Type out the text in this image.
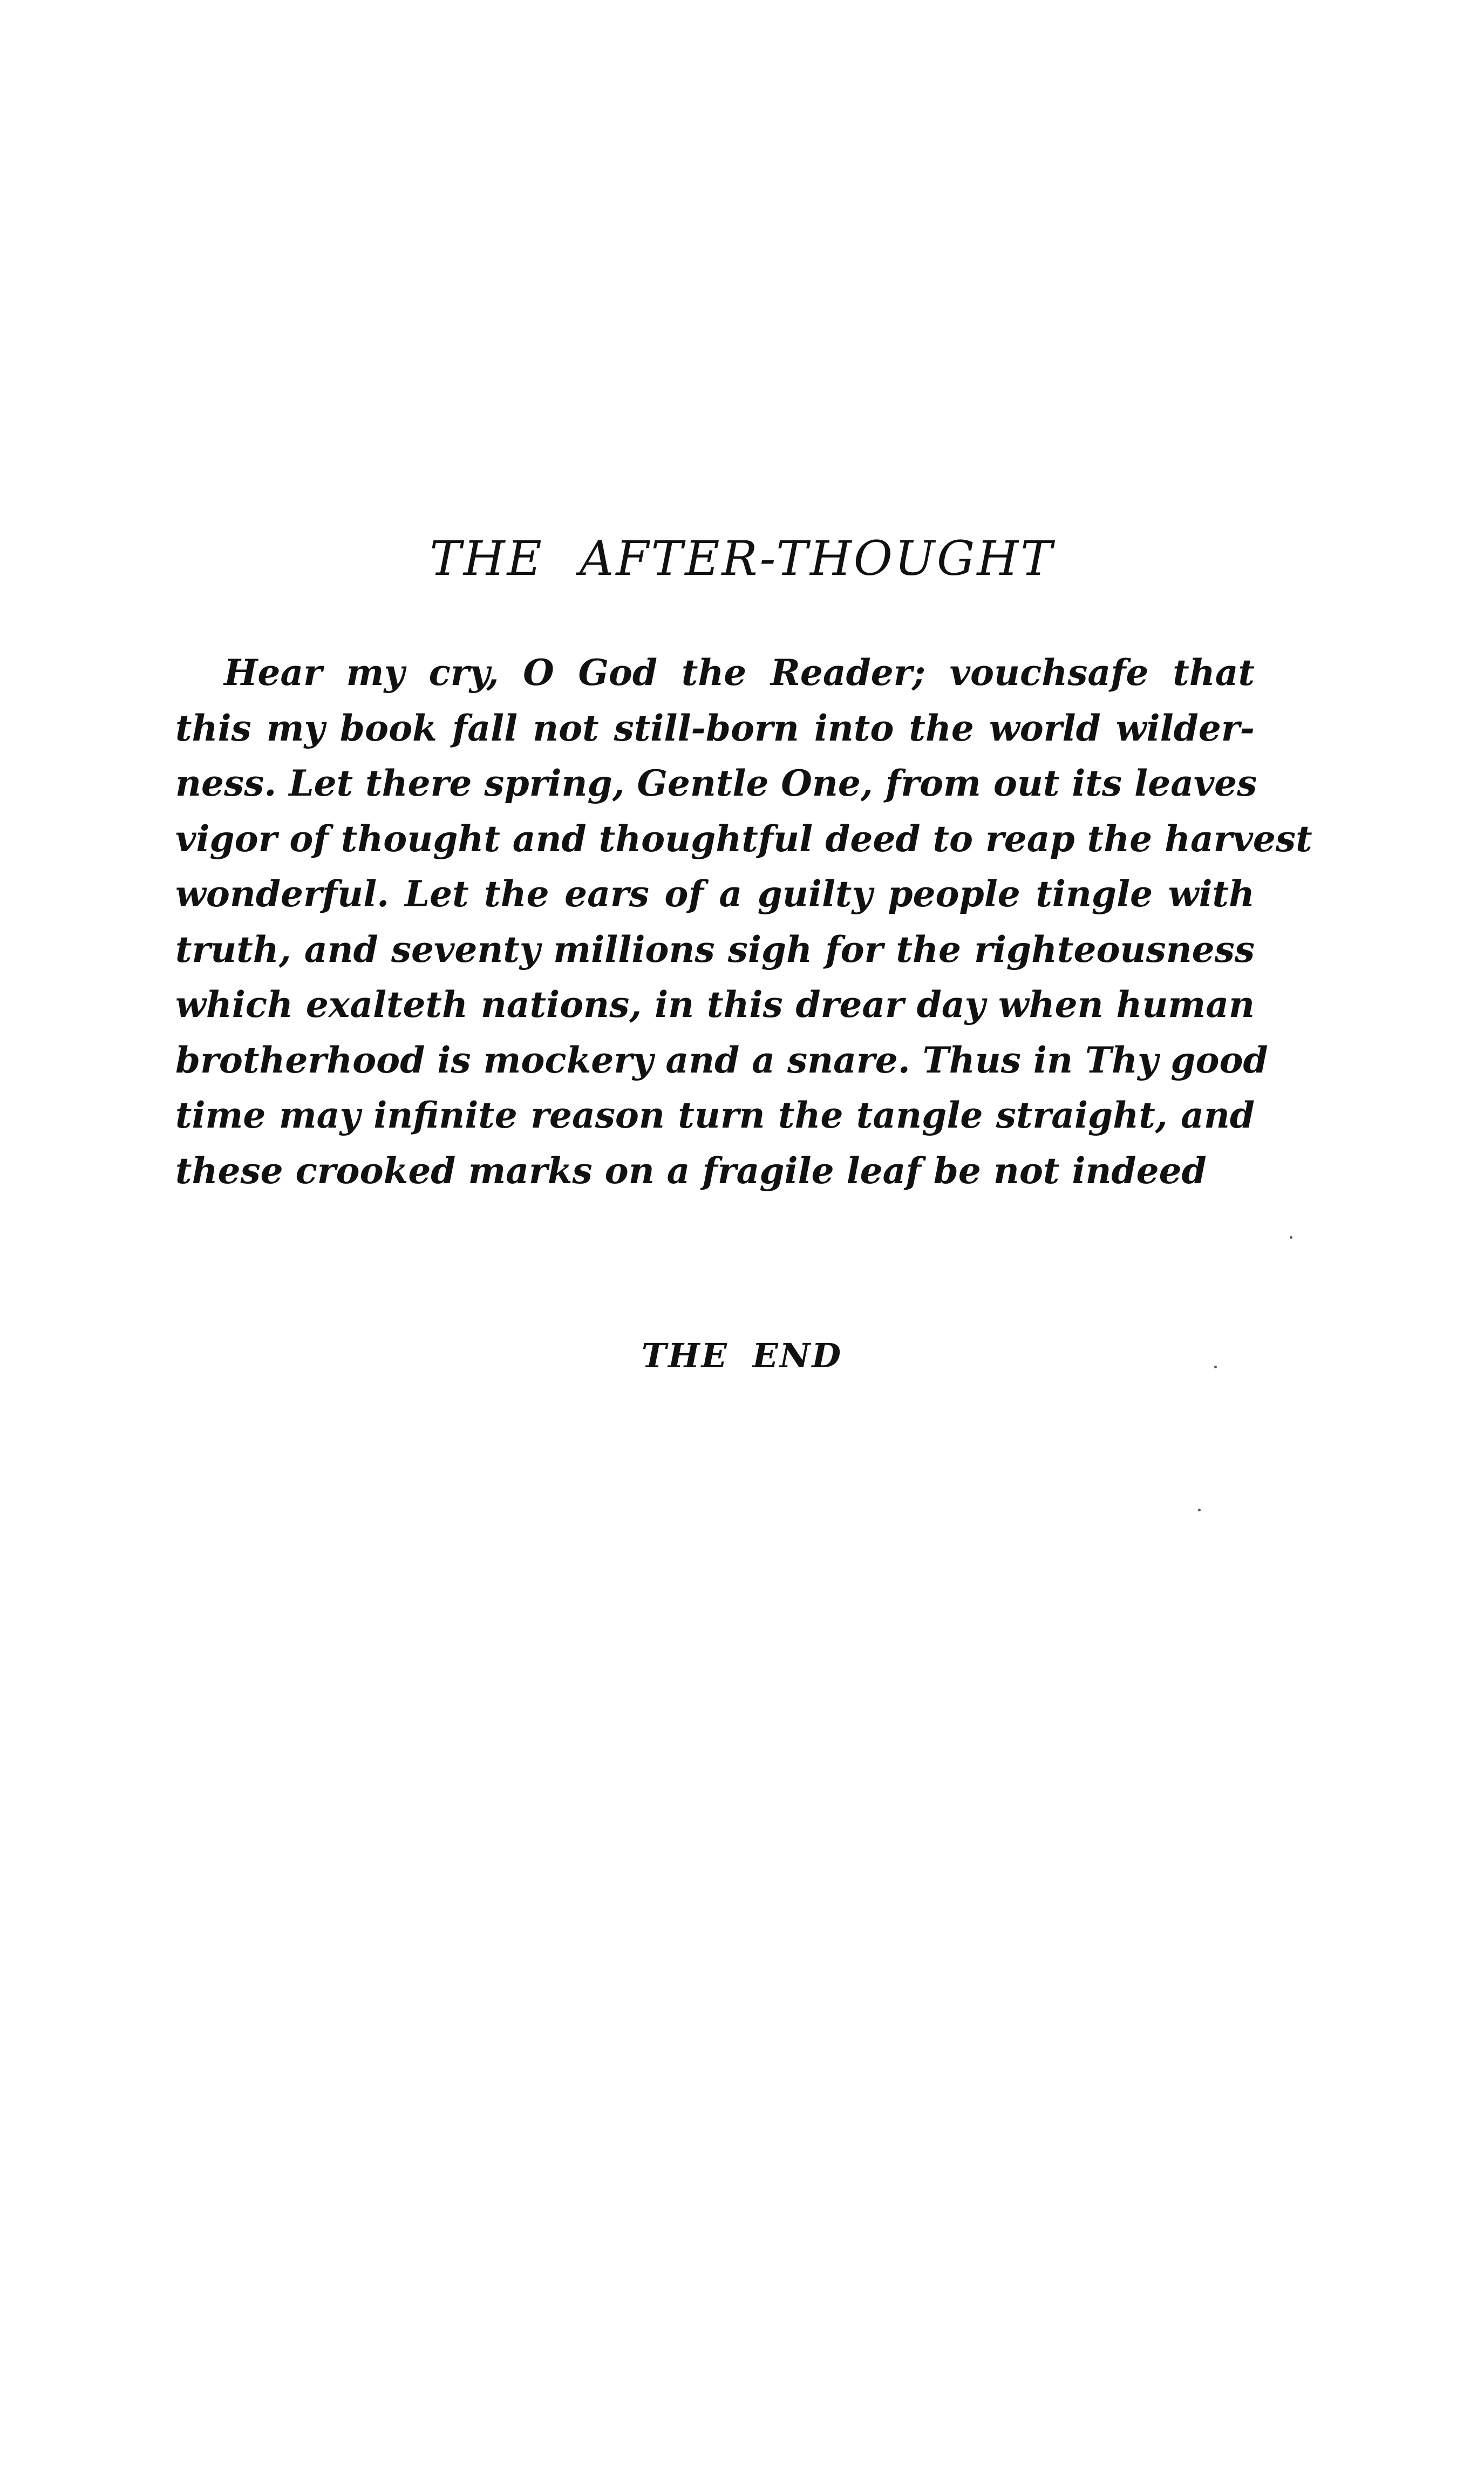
THE AFTER-THOUGHT
Hear my cry, O God the Reader; vouchsafe that
this my book fall not still-born into the world wilder-
ness. Let there spring, Gentle One, from out its leaves
vigor of thought and thoughtful deed to reap the harvest
wonderful. Let the ears of a guilty people tingle with
truth, and seventy millions sigh for the righteousness
which exalteth nations, in this drear day when human
brotherhood is mockery and a snare. Thus in Thy good
time may infinite reason turn the tangle straight, and
these crooked marks on a fragile leaf be not indeed

THE END
